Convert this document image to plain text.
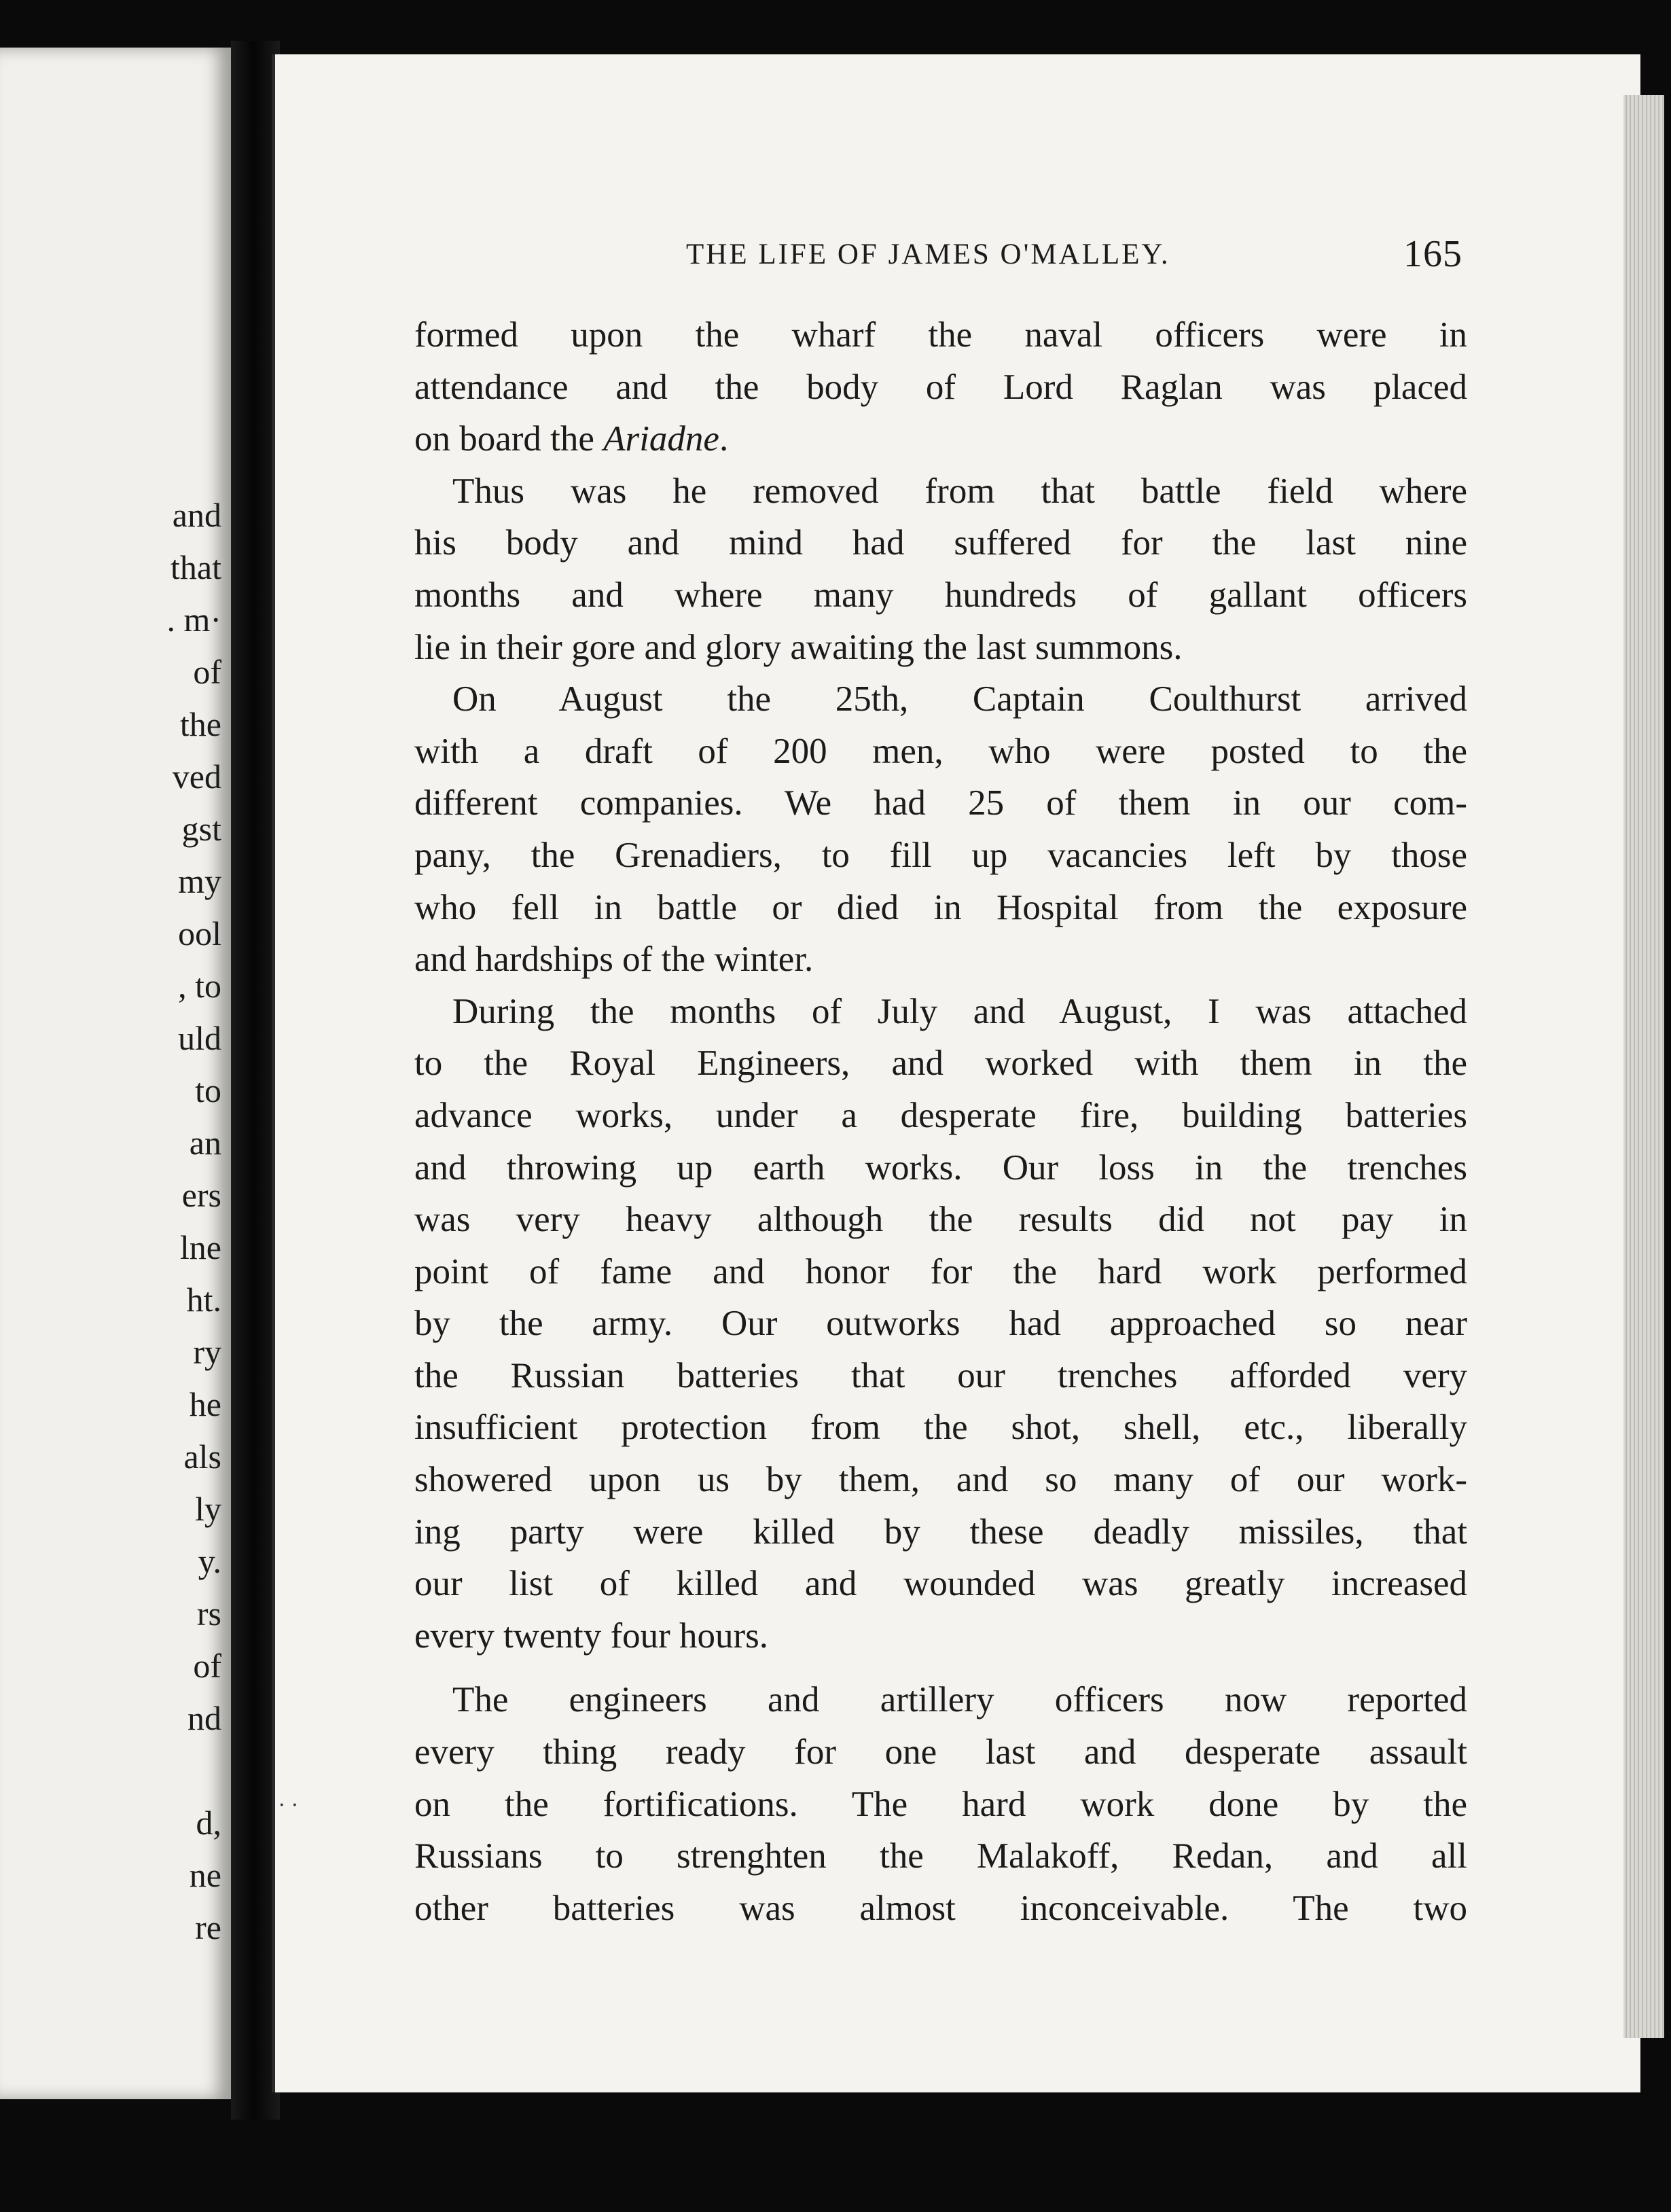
and
that
. m·
of
the
ved
gst
my
ool
, to
uld
to
an
ers
lne
ht.
ry
he
als
ly
y.
rs
of
nd
d,
ne
re
THE LIFE OF JAMES O'MALLEY.	165
formed upon the wharf the naval officers were in
attendance and the body of Lord Raglan was placed
on board the Ariadne.
Thus was he removed from that battle field where
his body and mind had suffered for the last nine
months and where many hundreds of gallant officers
lie in their gore and glory awaiting the last summons.
On August the 25th, Captain Coulthurst arrived
with a draft of 200 men, who were posted to the
different companies. We had 25 of them in our com-
pany, the Grenadiers, to fill up vacancies left by those
who fell in battle or died in Hospital from the exposure
and hardships of the winter.
During the months of July and August, I was attached
to the Royal Engineers, and worked with them in the
advance works, under a desperate fire, building batteries
and throwing up earth works. Our loss in the trenches
was very heavy although the results did not pay in
point of fame and honor for the hard work performed
by the army. Our outworks had approached so near
the Russian batteries that our trenches afforded very
insufficient protection from the shot, shell, etc., liberally
showered upon us by them, and so many of our work-
ing party were killed by these deadly missiles, that
our list of killed and wounded was greatly increased
every twenty four hours.
The engineers and artillery officers now reported
every thing ready for one last and desperate assault
on the fortifications. The hard work done by the
Russians to strenghten the Malakoff, Redan, and all
other batteries was almost inconceivable. The two
· ·
